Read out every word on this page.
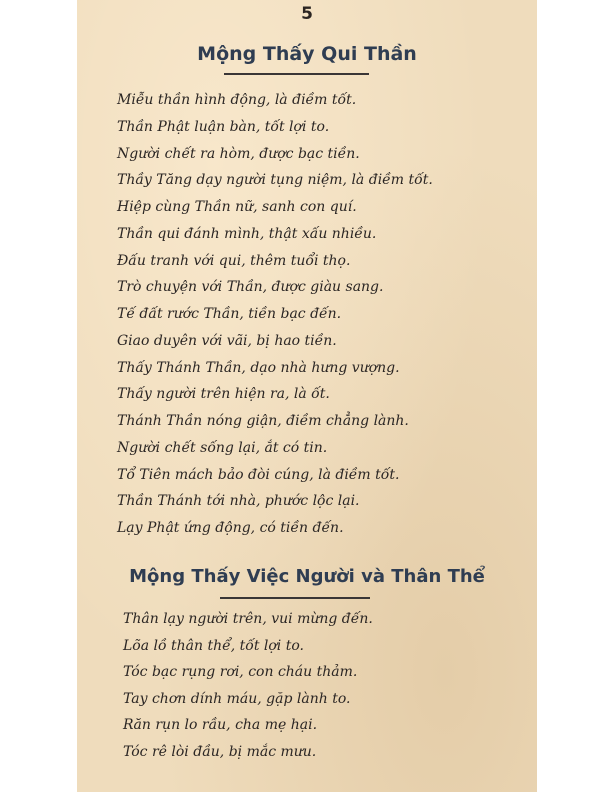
5
Mộng Thấy Qui Thần
Miễu thần hình động, là điềm tốt.
Thần Phật luận bàn, tốt lợi to.
Người chết ra hòm, được bạc tiền.
Thầy Tăng dạy người tụng niệm, là điềm tốt.
Hiệp cùng Thần nữ, sanh con quí.
Thần qui đánh mình, thật xấu nhiều.
Đấu tranh với qui, thêm tuổi thọ.
Trò chuyện với Thần, được giàu sang.
Tế đất rước Thần, tiền bạc đến.
Giao duyên với vãi, bị hao tiền.
Thấy Thánh Thần, dạo nhà hưng vượng.
Thấy người trên hiện ra, là ốt.
Thánh Thần nóng giận, điềm chẳng lành.
Người chết sống lại, ắt có tin.
Tổ Tiên mách bảo đòi cúng, là điềm tốt.
Thần Thánh tới nhà, phước lộc lại.
Lạy Phật ứng động, có tiền đến.
Mộng Thấy Việc Người và Thân Thể
Thân lạy người trên, vui mừng đến.
Lõa lồ thân thể, tốt lợi to.
Tóc bạc rụng rơi, con cháu thảm.
Tay chơn dính máu, gặp lành to.
Răn rụn lo rầu, cha mẹ hại.
Tóc rê lòi đầu, bị mắc mưu.
